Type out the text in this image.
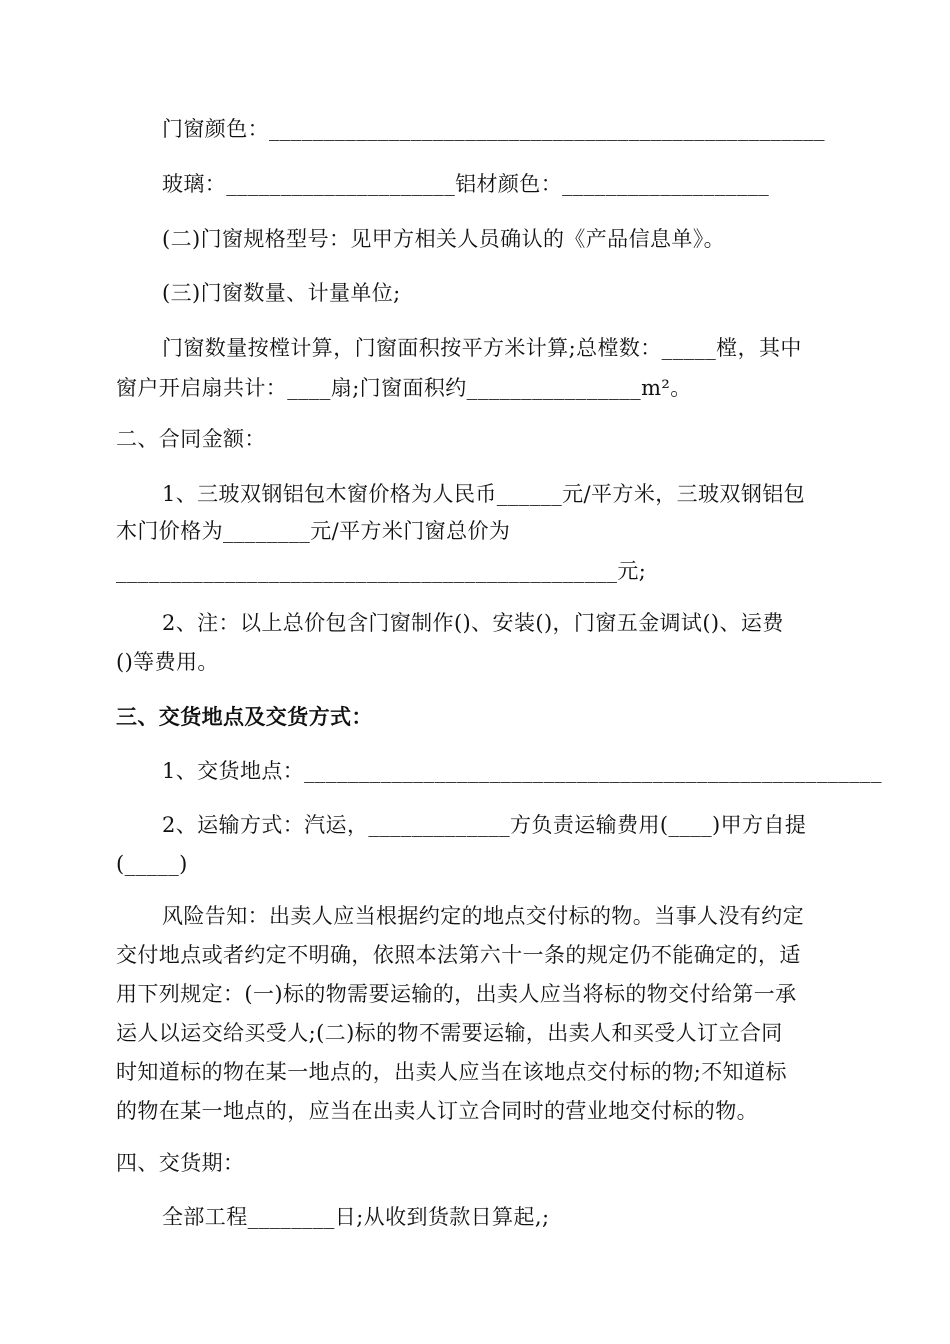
门窗颜色：___________________________________________________
玻璃：_____________________铝材颜色：___________________
(二)门窗规格型号：见甲方相关人员确认的《产品信息单》。
(三)门窗数量、计量单位;
门窗数量按樘计算，门窗面积按平方米计算;总樘数：_____樘，其中
窗户开启扇共计：____扇;门窗面积约________________m²。
二、合同金额：
1、三玻双钢铝包木窗价格为人民币______元/平方米，三玻双钢铝包
木门价格为________元/平方米门窗总价为
______________________________________________元;
2、注：以上总价包含门窗制作()、安装()，门窗五金调试()、运费
()等费用。
三、交货地点及交货方式：
1、交货地点：_____________________________________________________
2、运输方式：汽运，_____________方负责运输费用(____)甲方自提
(_____)
风险告知：出卖人应当根据约定的地点交付标的物。当事人没有约定
交付地点或者约定不明确，依照本法第六十一条的规定仍不能确定的，适
用下列规定：(一)标的物需要运输的，出卖人应当将标的物交付给第一承
运人以运交给买受人;(二)标的物不需要运输，出卖人和买受人订立合同
时知道标的物在某一地点的，出卖人应当在该地点交付标的物;不知道标
的物在某一地点的，应当在出卖人订立合同时的营业地交付标的物。
四、交货期：
全部工程________日;从收到货款日算起,;
